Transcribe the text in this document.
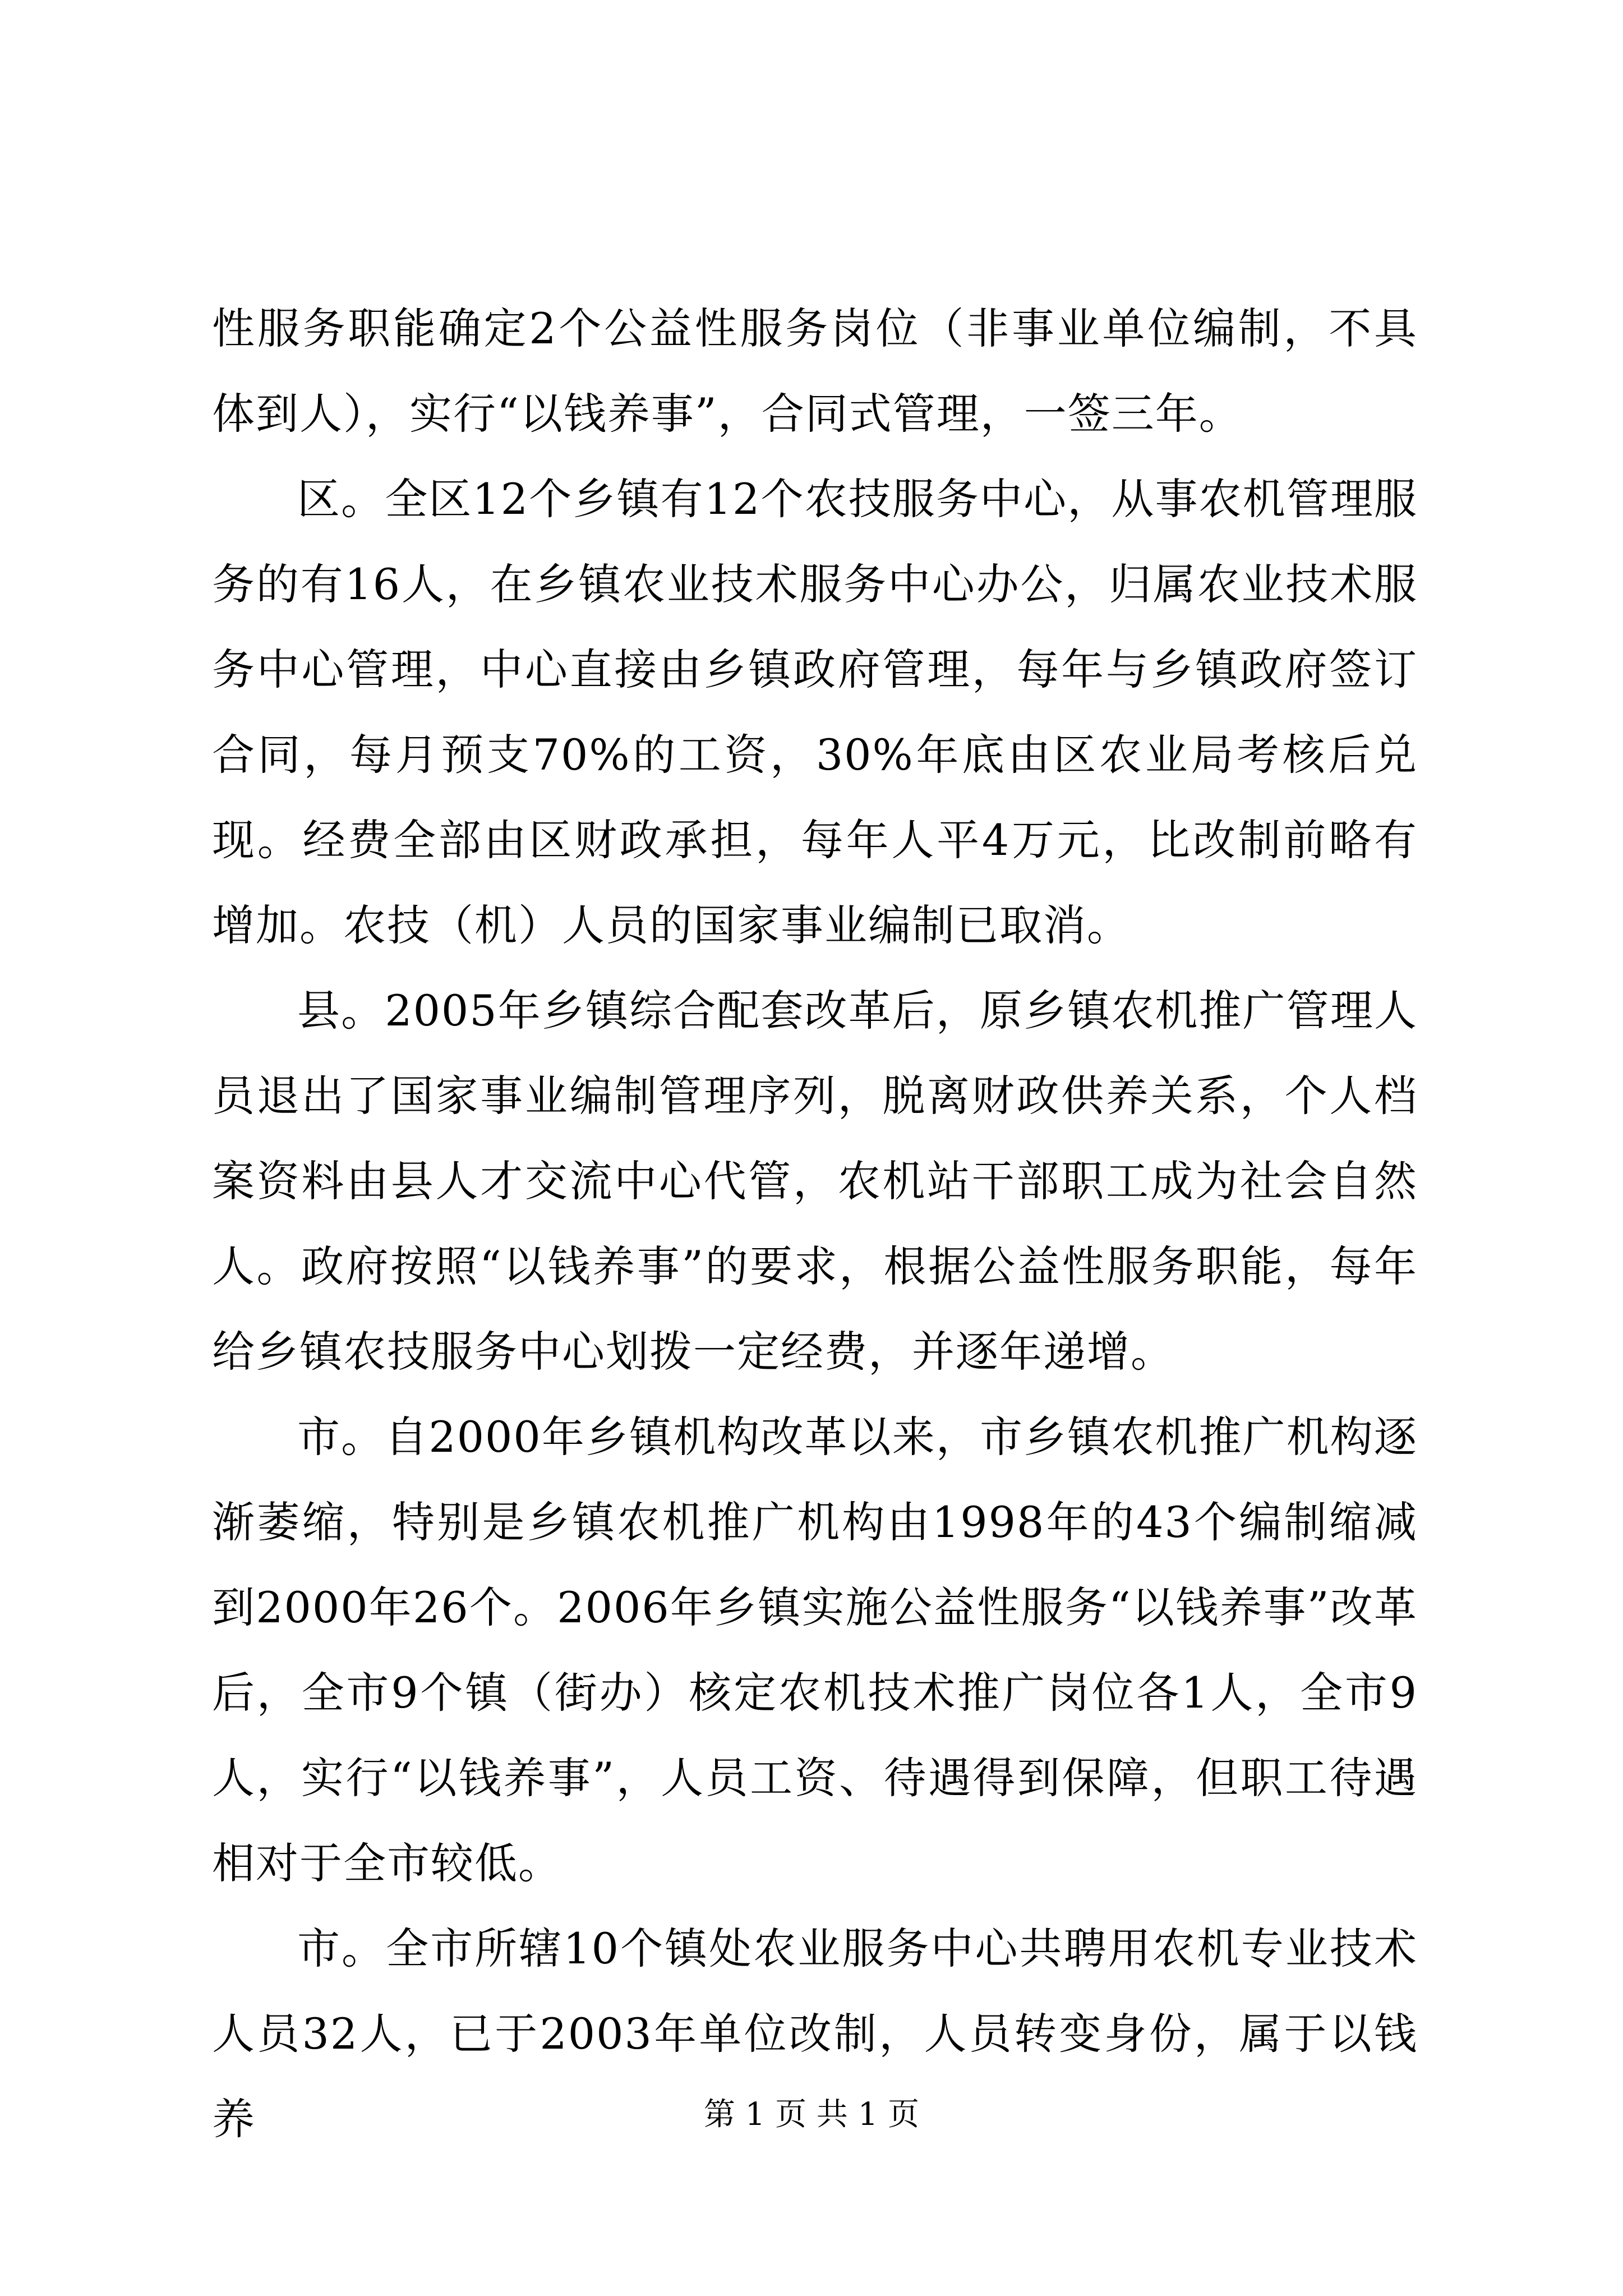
性服务职能确定2个公益性服务岗位（非事业单位编制，不具体到人），实行“以钱养事”，合同式管理，一签三年。

区。全区12个乡镇有12个农技服务中心，从事农机管理服务的有16人，在乡镇农业技术服务中心办公，归属农业技术服务中心管理，中心直接由乡镇政府管理，每年与乡镇政府签订合同，每月预支70%的工资，30%年底由区农业局考核后兑现。经费全部由区财政承担，每年人平4万元，比改制前略有增加。农技（机）人员的国家事业编制已取消。

县。2005年乡镇综合配套改革后，原乡镇农机推广管理人员退出了国家事业编制管理序列，脱离财政供养关系，个人档案资料由县人才交流中心代管，农机站干部职工成为社会自然人。政府按照“以钱养事”的要求，根据公益性服务职能，每年给乡镇农技服务中心划拨一定经费，并逐年递增。

市。自2000年乡镇机构改革以来，市乡镇农机推广机构逐渐萎缩，特别是乡镇农机推广机构由1998年的43个编制缩减到2000年26个。2006年乡镇实施公益性服务“以钱养事”改革后，全市9个镇（街办）核定农机技术推广岗位各1人，全市9人，实行“以钱养事”，人员工资、待遇得到保障，但职工待遇相对于全市较低。

市。全市所辖10个镇处农业服务中心共聘用农机专业技术人员32人，已于2003年单位改制，人员转变身份，属于以钱养	第 1 页 共 1 页
